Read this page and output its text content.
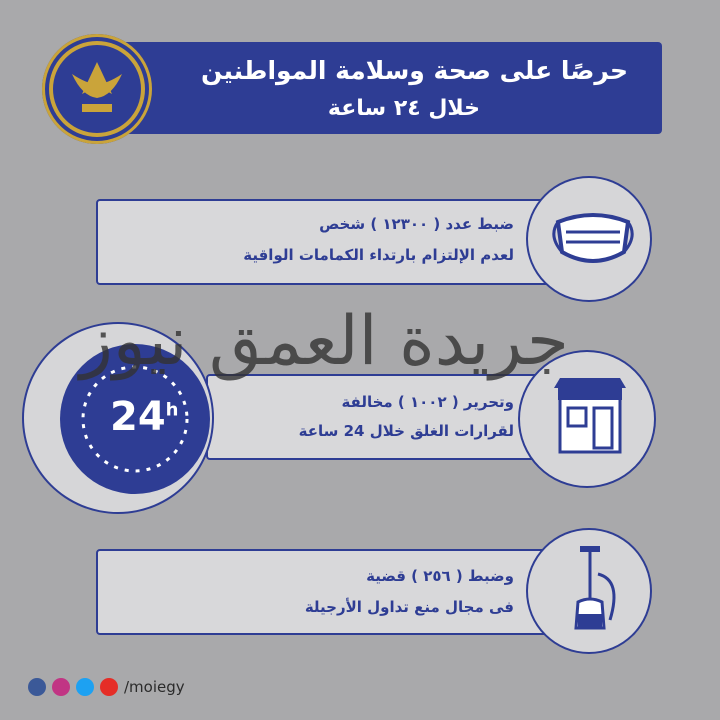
حرصًا على صحة وسلامة المواطنين
خلال ٢٤ ساعة
ضبط عدد ( ١٢٣٠٠ ) شخص
لعدم الإلتزام بارتداء الكمامات الواقية
وتحرير ( ١٠٠٢ ) مخالفة
لقرارات الغلق خلال 24 ساعة
24$^h$
وضبط ( ٢٥٦ ) قضية
فى مجال منع تداول الأرجيلة
جريدة العمق نيوز
/moiegy
